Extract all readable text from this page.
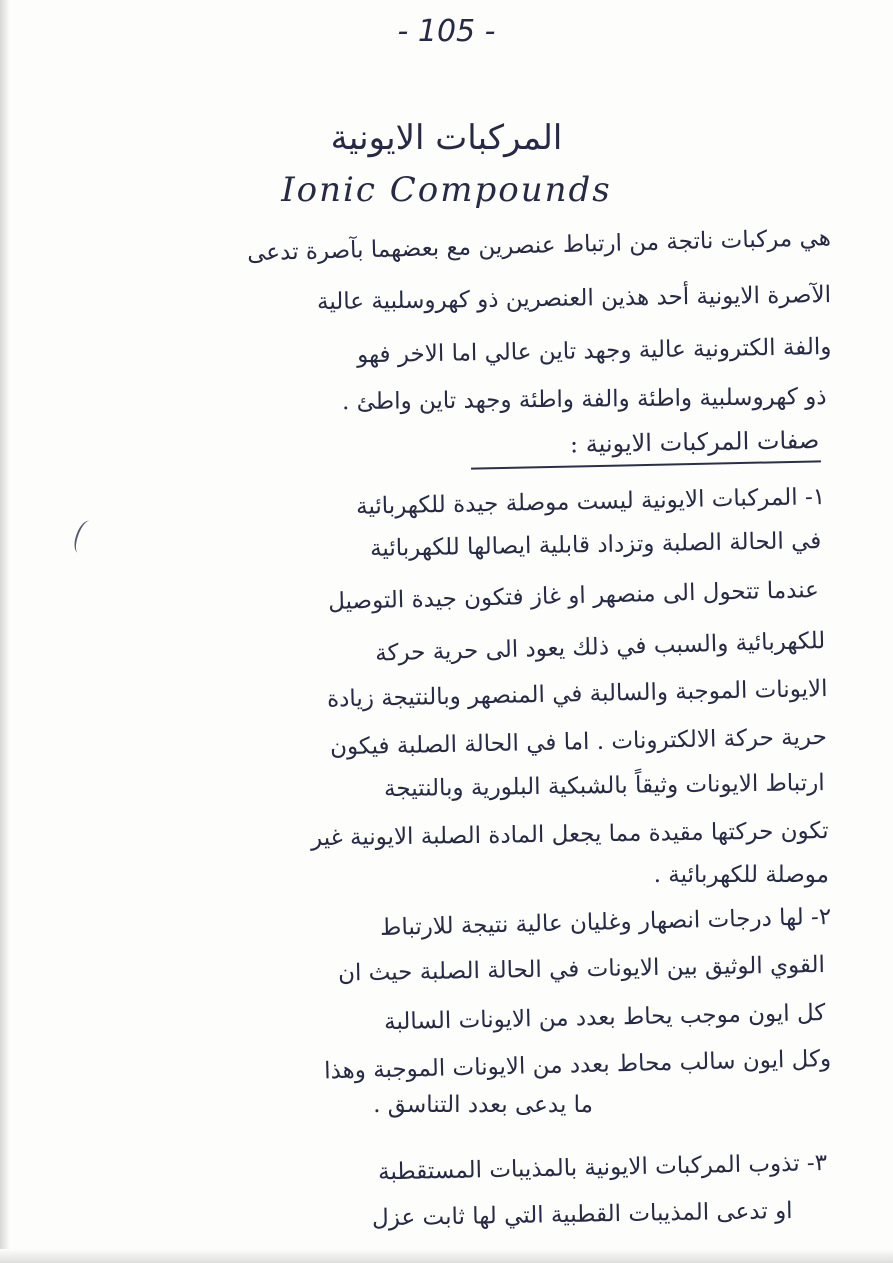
- 105 -
المركبات الايونية
Ionic Compounds
هي مركبات ناتجة من ارتباط عنصرين مع بعضهما بآصرة تدعى
الآصرة الايونية أحد هذين العنصرين ذو كهروسلبية عالية
والفة الكترونية عالية وجهد تاين عالي اما الاخر فهو
ذو كهروسلبية واطئة والفة واطئة وجهد تاين واطئ .
صفات المركبات الايونية :
١- المركبات الايونية ليست موصلة جيدة للكهربائية
في الحالة الصلبة وتزداد قابلية ايصالها للكهربائية
عندما تتحول الى منصهر او غاز فتكون جيدة التوصيل
للكهربائية والسبب في ذلك يعود الى حرية حركة
الايونات الموجبة والسالبة في المنصهر وبالنتيجة زيادة
حرية حركة الالكترونات . اما في الحالة الصلبة فيكون
ارتباط الايونات وثيقاً بالشبكية البلورية وبالنتيجة
تكون حركتها مقيدة مما يجعل المادة الصلبة الايونية غير
موصلة للكهربائية .
٢- لها درجات انصهار وغليان عالية نتيجة للارتباط
القوي الوثيق بين الايونات في الحالة الصلبة حيث ان
كل ايون موجب يحاط بعدد من الايونات السالبة
وكل ايون سالب محاط بعدد من الايونات الموجبة وهذا
ما يدعى بعدد التناسق .
٣- تذوب المركبات الايونية بالمذيبات المستقطبة
او تدعى المذيبات القطبية التي لها ثابت عزل
